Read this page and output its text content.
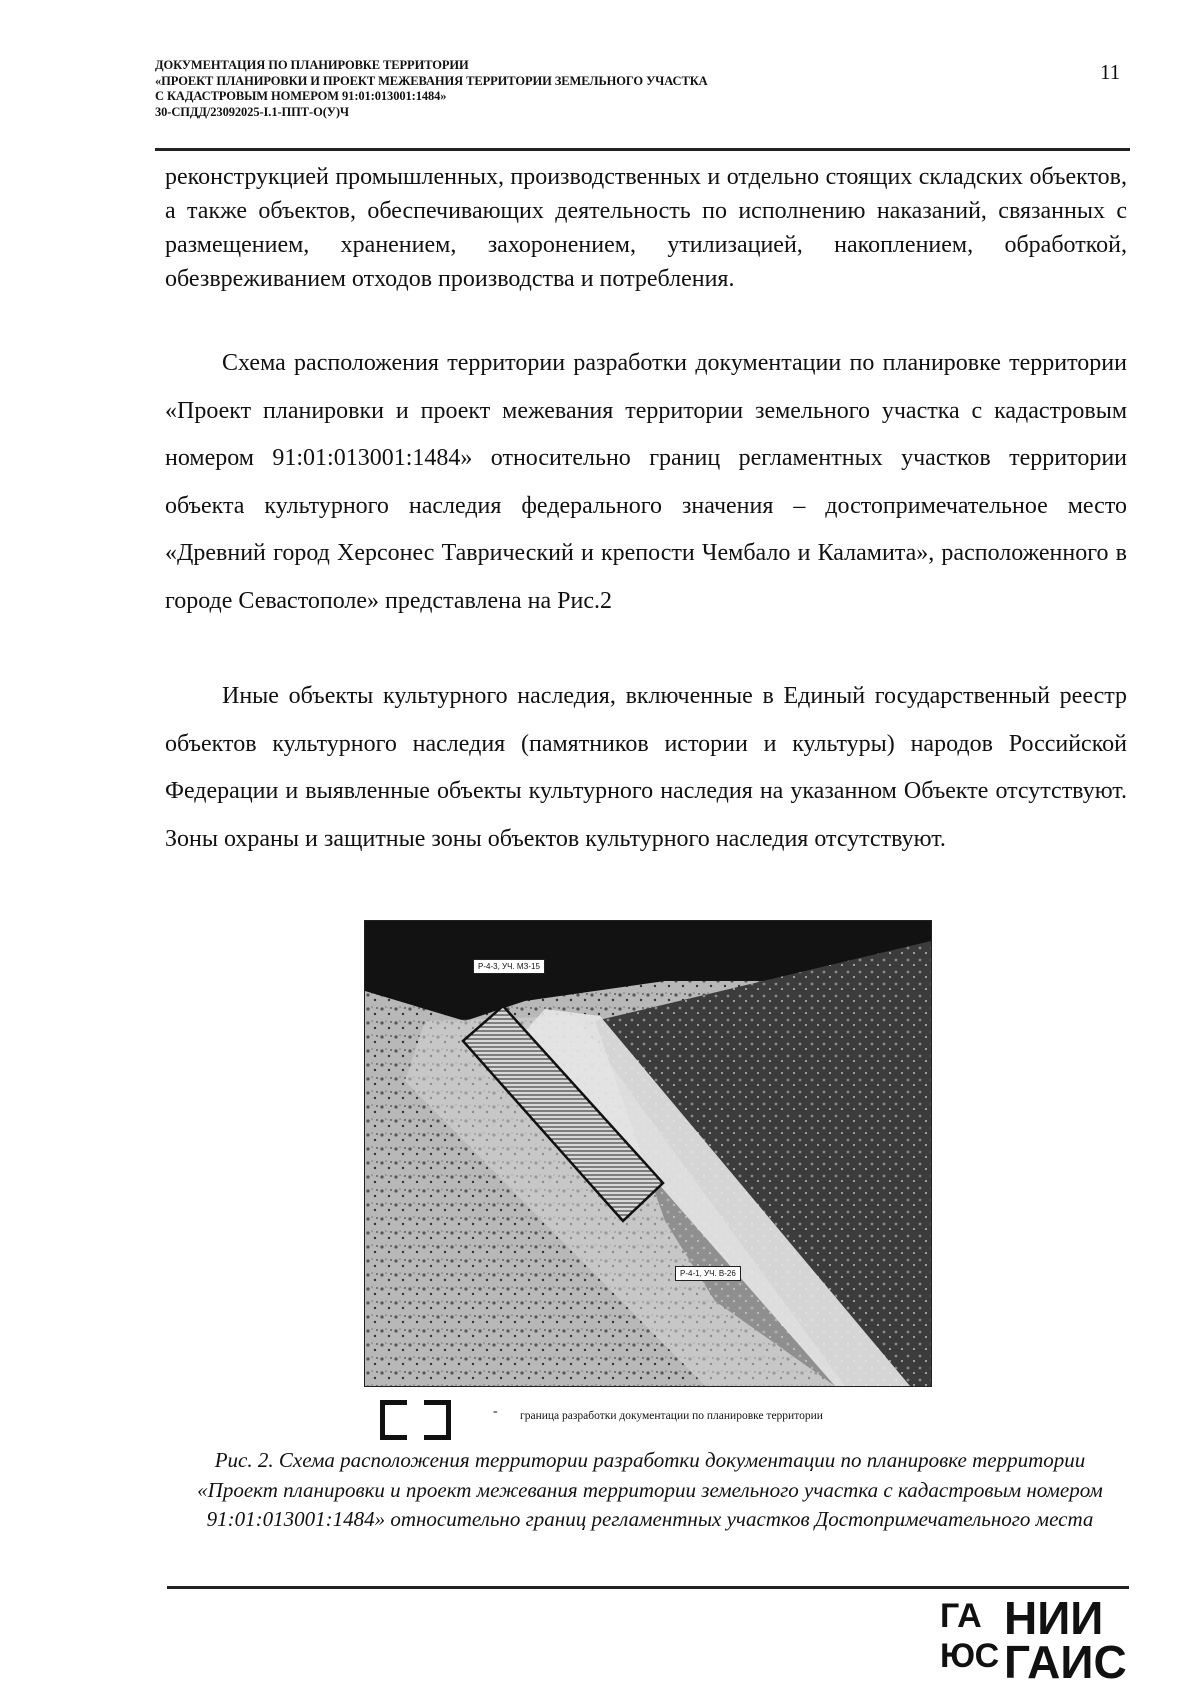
ДОКУМЕНТАЦИЯ ПО ПЛАНИРОВКЕ ТЕРРИТОРИИ
«ПРОЕКТ ПЛАНИРОВКИ И ПРОЕКТ МЕЖЕВАНИЯ ТЕРРИТОРИИ ЗЕМЕЛЬНОГО УЧАСТКА
С КАДАСТРОВЫМ НОМЕРОМ 91:01:013001:1484»
30-СПДД/23092025-I.1-ППТ-О(У)Ч
11
реконструкцией промышленных, производственных и отдельно стоящих складских объектов, а также объектов, обеспечивающих деятельность по исполнению наказаний, связанных с размещением, хранением, захоронением, утилизацией, накоплением, обработкой, обезвреживанием отходов производства и потребления.
Схема расположения территории разработки документации по планировке территории «Проект планировки и проект межевания территории земельного участка с кадастровым номером 91:01:013001:1484» относительно границ регламентных участков территории объекта культурного наследия федерального значения – достопримечательное место «Древний город Херсонес Таврический и крепости Чембало и Каламита», расположенного в городе Севастополе» представлена на Рис.2
Иные объекты культурного наследия, включенные в Единый государственный реестр объектов культурного наследия (памятников истории и культуры) народов Российской Федерации и выявленные объекты культурного наследия на указанном Объекте отсутствуют. Зоны охраны и защитные зоны объектов культурного наследия отсутствуют.
Р-4-3, УЧ. МЗ-15
Р-4-1, УЧ. В-26
- граница разработки документации по планировке территории
Рис. 2. Схема расположения территории разработки документации по планировке территории «Проект планировки и проект межевания территории земельного участка с кадастровым номером 91:01:013001:1484» относительно границ регламентных участков Достопримечательного места
ГА ЮС
НИИ
ГАИС
